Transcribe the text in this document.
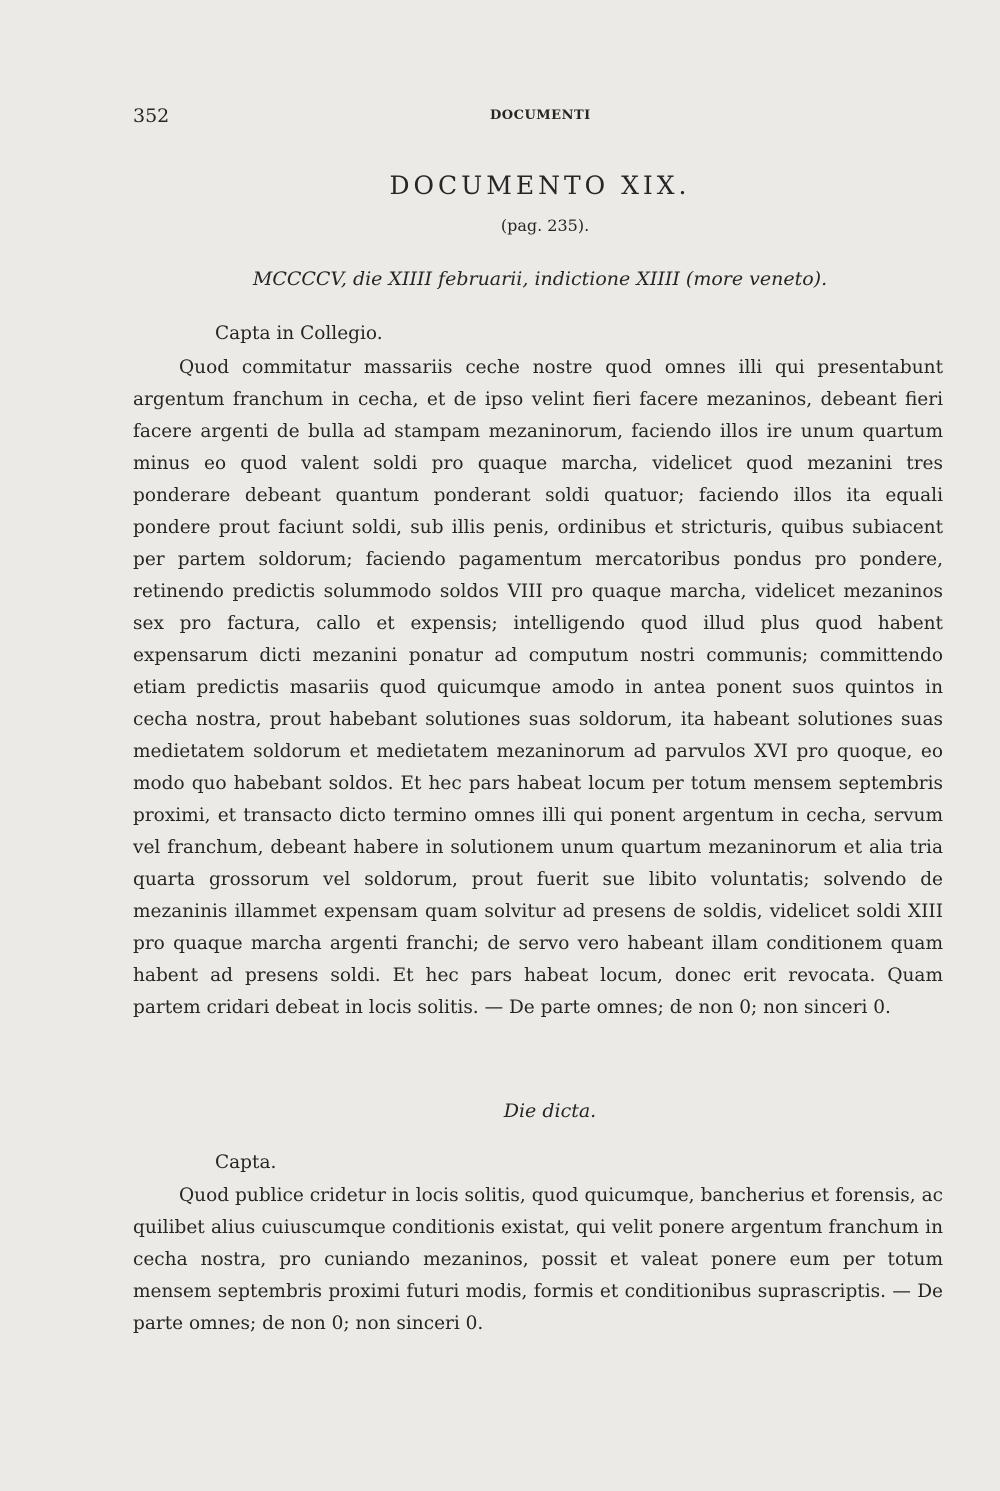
352	DOCUMENTI
DOCUMENTO XIX.
(pag. 235).
MCCCCV, die XIIII februarii, indictione XIIII (more veneto).
Capta in Collegio.
Quod commitatur massariis ceche nostre quod omnes illi qui presentabunt argentum franchum in cecha, et de ipso velint fieri facere mezaninos, debeant fieri facere argenti de bulla ad stampam mezaninorum, faciendo illos ire unum quartum minus eo quod valent soldi pro quaque marcha, videlicet quod mezanini tres ponderare debeant quantum ponderant soldi quatuor; faciendo illos ita equali pondere prout faciunt soldi, sub illis penis, ordinibus et stricturis, quibus subiacent per partem soldorum; faciendo pagamentum mercatoribus pondus pro pondere, retinendo predictis solummodo soldos VIII pro quaque marcha, videlicet mezaninos sex pro factura, callo et expensis; intelligendo quod illud plus quod habent expensarum dicti mezanini ponatur ad computum nostri communis; committendo etiam predictis masariis quod quicumque amodo in antea ponent suos quintos in cecha nostra, prout habebant solutiones suas soldorum, ita habeant solutiones suas medietatem soldorum et medietatem mezaninorum ad parvulos XVI pro quoque, eo modo quo habebant soldos. Et hec pars habeat locum per totum mensem septembris proximi, et transacto dicto termino omnes illi qui ponent argentum in cecha, servum vel franchum, debeant habere in solutionem unum quartum mezaninorum et alia tria quarta grossorum vel soldorum, prout fuerit sue libito voluntatis; solvendo de mezaninis illammet expensam quam solvitur ad presens de soldis, videlicet soldi XIII pro quaque marcha argenti franchi; de servo vero habeant illam conditionem quam habent ad presens soldi. Et hec pars habeat locum, donec erit revocata. Quam partem cridari debeat in locis solitis. — De parte omnes; de non 0; non sinceri 0.
Die dicta.
Capta.
Quod publice cridetur in locis solitis, quod quicumque, bancherius et forensis, ac quilibet alius cuiuscumque conditionis existat, qui velit ponere argentum franchum in cecha nostra, pro cuniando mezaninos, possit et valeat ponere eum per totum mensem septembris proximi futuri modis, formis et conditionibus suprascriptis. — De parte omnes; de non 0; non sinceri 0.
